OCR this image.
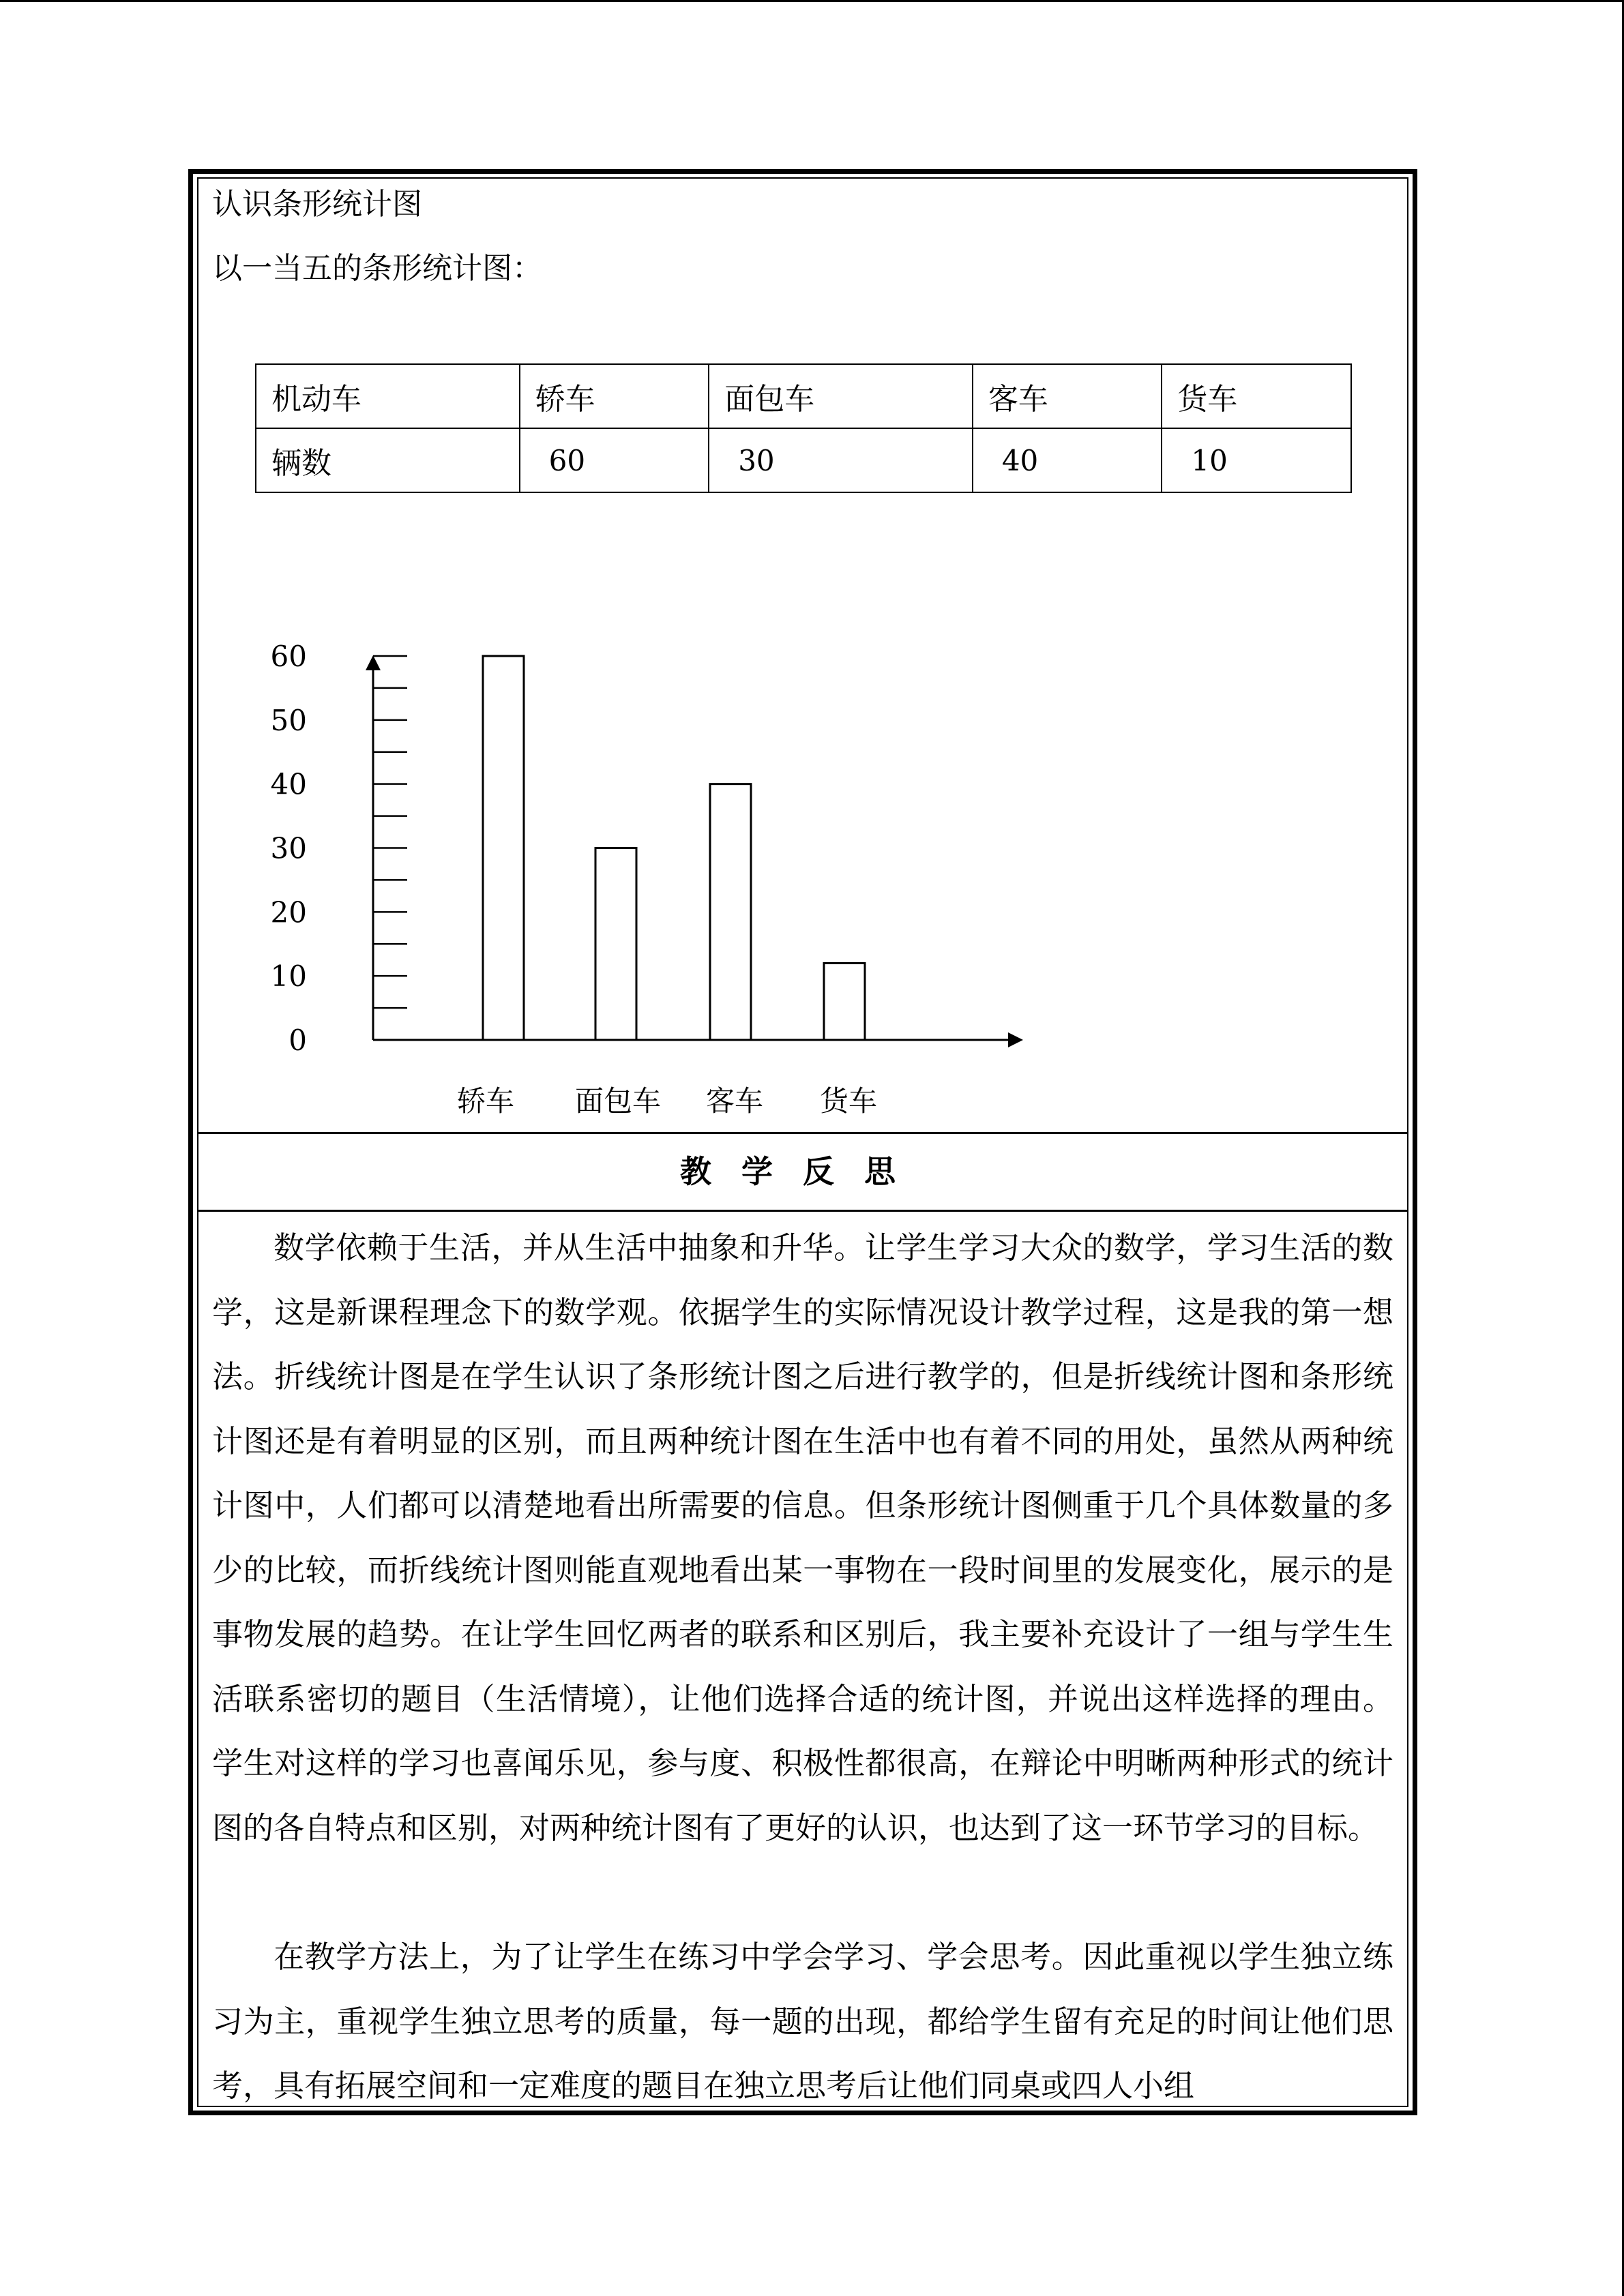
认识条形统计图
以一当五的条形统计图：
机动车	轿车	面包车	客车	货车
辆数	60	30	40	10
0
10
20
30
40
50
60
轿车 面包车 客车 货车
教学反思

数学依赖于生活，并从生活中抽象和升华。让学生学习大众的数学，学习生活的数学，这是新课程理念下的数学观。依据学生的实际情况设计教学过程，这是我的第一想法。折线统计图是在学生认识了条形统计图之后进行教学的，但是折线统计图和条形统计图还是有着明显的区别，而且两种统计图在生活中也有着不同的用处，虽然从两种统计图中，人们都可以清楚地看出所需要的信息。但条形统计图侧重于几个具体数量的多少的比较，而折线统计图则能直观地看出某一事物在一段时间里的发展变化，展示的是事物发展的趋势。在让学生回忆两者的联系和区别后，我主要补充设计了一组与学生生活联系密切的题目（生活情境），让他们选择合适的统计图，并说出这样选择的理由。学生对这样的学习也喜闻乐见，参与度、积极性都很高，在辩论中明晰两种形式的统计图的各自特点和区别，对两种统计图有了更好的认识，也达到了这一环节学习的目标。

在教学方法上，为了让学生在练习中学会学习、学会思考。因此重视以学生独立练习为主，重视学生独立思考的质量，每一题的出现，都给学生留有充足的时间让他们思考，具有拓展空间和一定难度的题目在独立思考后让他们同桌或四人小组
